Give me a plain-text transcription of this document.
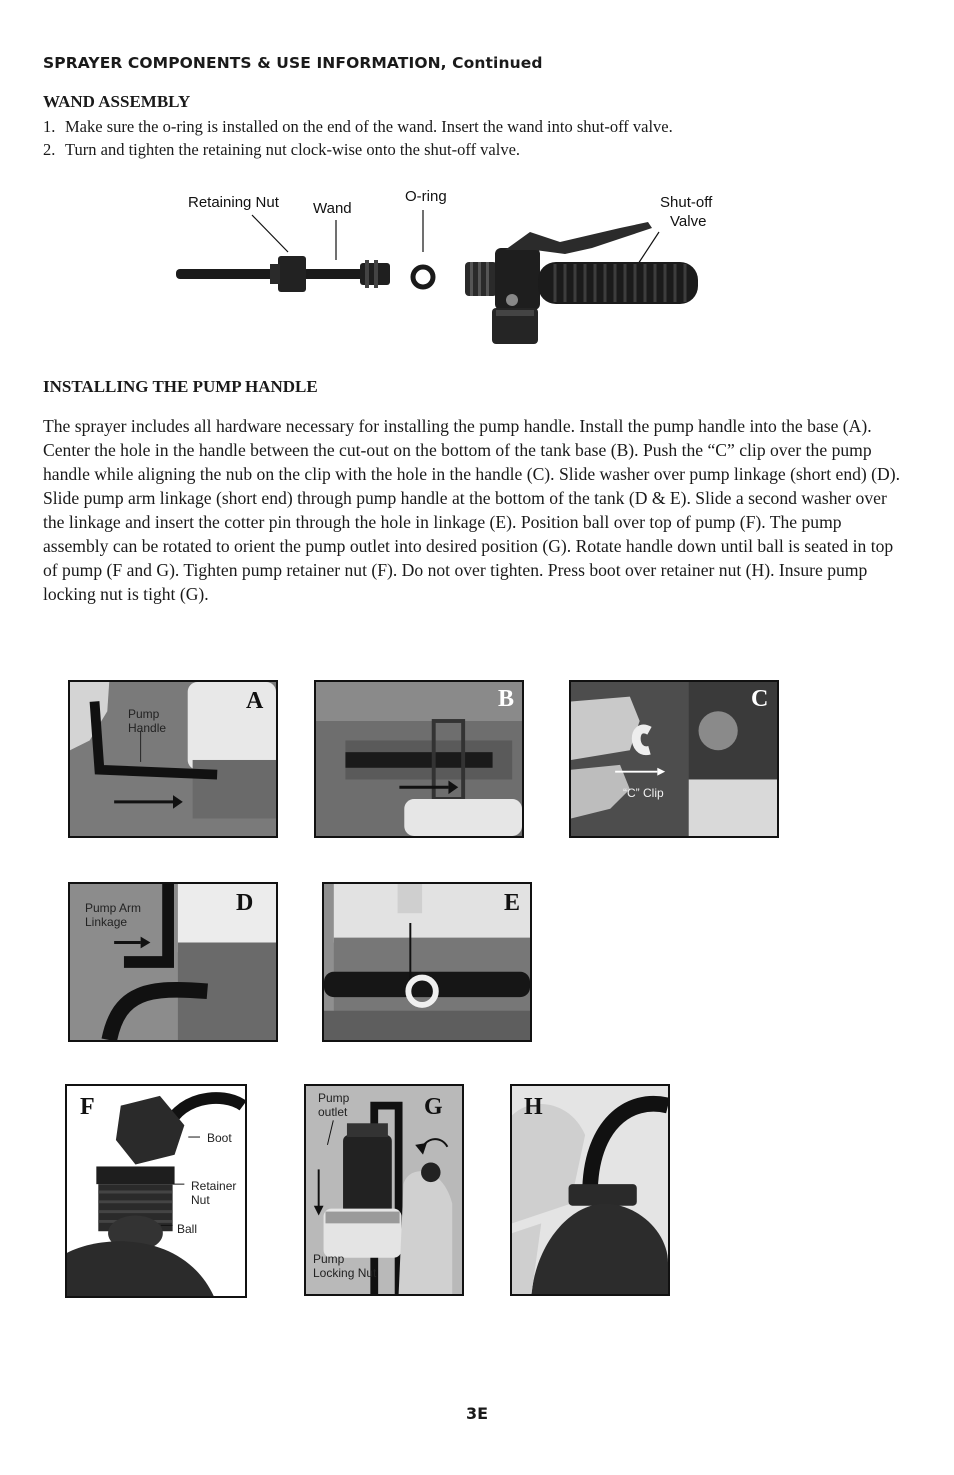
SPRAYER COMPONENTS & USE INFORMATION, Continued
WAND ASSEMBLY
1. Make sure the o-ring is installed on the end of the wand. Insert the wand into shut-off valve.
2. Turn and tighten the retaining nut clock-wise onto the shut-off valve.
Retaining Nut Wand
O-ring	Shut-off
Valve
INSTALLING THE PUMP HANDLE
The sprayer includes all hardware necessary for installing the pump handle. Install the pump handle into the base (A). Center the hole in the handle between the cut-out on the bottom of the tank base (B). Push the “C” clip over the pump handle while aligning the nub on the clip with the hole in the handle (C). Slide washer over pump linkage (short end) (D). Slide pump arm linkage (short end) through pump handle at the bottom of the tank (D & E). Slide a second washer over the linkage and insert the cotter pin through the hole in linkage (E). Position ball over top of pump (F). The pump assembly can be rotated to orient the pump outlet into desired position (G). Rotate handle down until ball is seated in top of pump (F and G). Tighten pump retainer nut (F). Do not over tighten. Press boot over retainer nut (H). Insure pump locking nut is tight (G).
A
Pump
Handle
B	C
“C” Clip
D
Pump Arm
Linkage
E
F
Boot
Retainer
Nut
Ball
G
Pump
outlet
Pump
Locking Nut
H
3E
